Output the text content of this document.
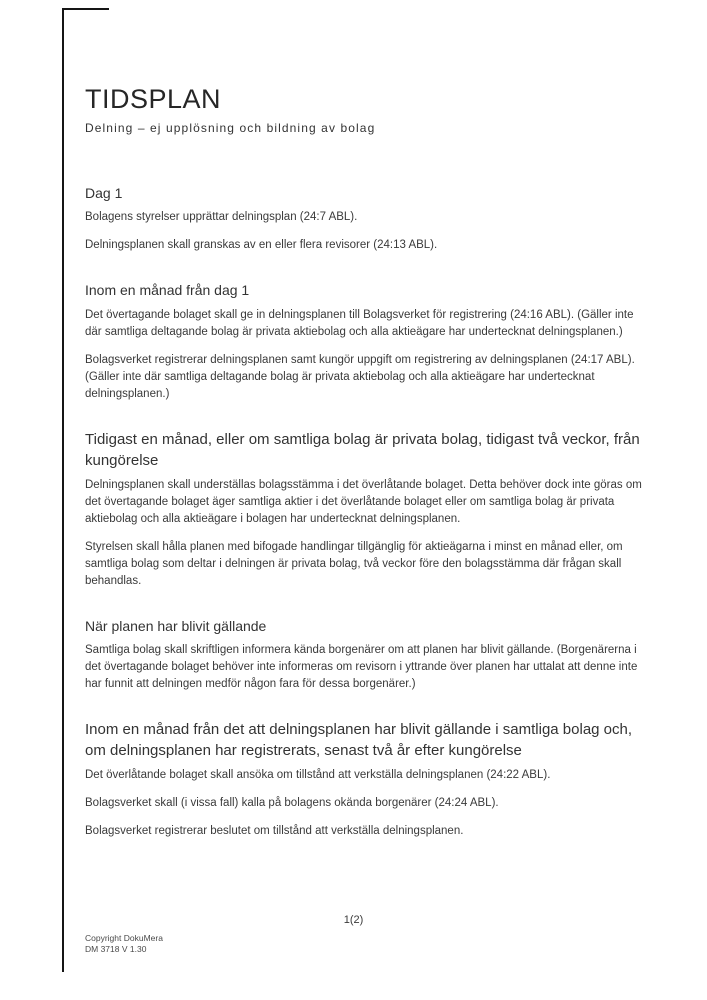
TIDSPLAN
Delning – ej upplösning och bildning av bolag
Dag 1

Bolagens styrelser upprättar delningsplan (24:7 ABL).

Delningsplanen skall granskas av en eller flera revisorer (24:13 ABL).

Inom en månad från dag 1

Det övertagande bolaget skall ge in delningsplanen till Bolagsverket för registrering (24:16 ABL). (Gäller inte där samtliga deltagande bolag är privata aktiebolag och alla aktieägare har undertecknat delningsplanen.)

Bolagsverket registrerar delningsplanen samt kungör uppgift om registrering av delningsplanen (24:17 ABL). (Gäller inte där samtliga deltagande bolag är privata aktiebolag och alla aktieägare har undertecknat delningsplanen.)

Tidigast en månad, eller om samtliga bolag är privata bolag, tidigast två veckor, från kungörelse

Delningsplanen skall underställas bolagsstämma i det överlåtande bolaget. Detta behöver dock inte göras om det övertagande bolaget äger samtliga aktier i det överlåtande bolaget eller om samtliga bolag är privata aktiebolag och alla aktieägare i bolagen har undertecknat delningsplanen.

Styrelsen skall hålla planen med bifogade handlingar tillgänglig för aktieägarna i minst en månad eller, om samtliga bolag som deltar i delningen är privata bolag, två veckor före den bolagsstämma där frågan skall behandlas.

När planen har blivit gällande

Samtliga bolag skall skriftligen informera kända borgenärer om att planen har blivit gällande. (Borgenärerna i det övertagande bolaget behöver inte informeras om revisorn i yttrande över planen har uttalat att denne inte har funnit att delningen medför någon fara för dessa borgenärer.)

Inom en månad från det att delningsplanen har blivit gällande i samtliga bolag och, om delningsplanen har registrerats, senast två år efter kungörelse

Det överlåtande bolaget skall ansöka om tillstånd att verkställa delningsplanen (24:22 ABL).

Bolagsverket skall (i vissa fall) kalla på bolagens okända borgenärer (24:24 ABL).

Bolagsverket registrerar beslutet om tillstånd att verkställa delningsplanen.

1(2)
Copyright DokuMera
DM 3718 V 1.30
